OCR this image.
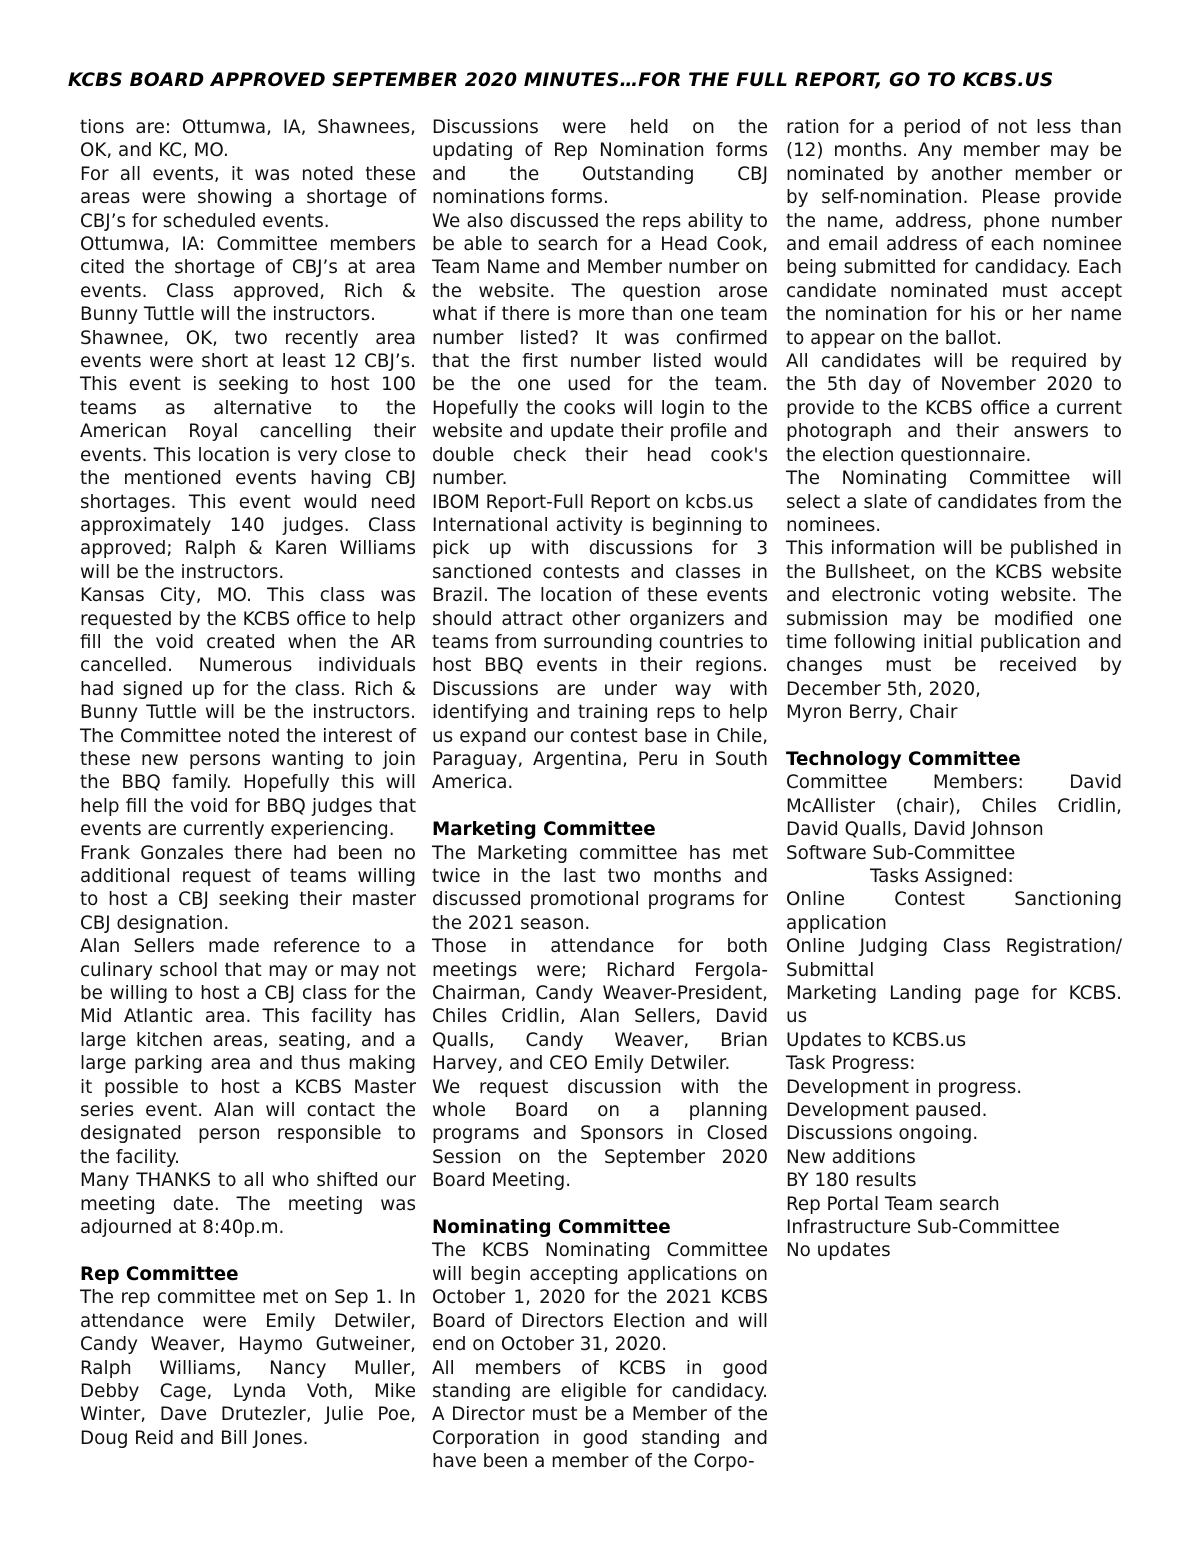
KCBS BOARD APPROVED SEPTEMBER 2020 MINUTES…FOR THE FULL REPORT, GO TO KCBS.US

tions are: Ottumwa, IA, Shawnees, OK, and KC, MO.

For all events, it was noted these areas were showing a shortage of CBJ’s for scheduled events.

Ottumwa, IA: Committee members cited the shortage of CBJ’s at area events. Class approved, Rich & Bunny Tuttle will the instructors.

Shawnee, OK, two recently area events were short at least 12 CBJ’s. This event is seeking to host 100 teams as alternative to the American Royal cancelling their events. This location is very close to the mentioned events having CBJ shortages. This event would need approximately 140 judges. Class approved; Ralph & Karen Williams will be the instructors.

Kansas City, MO. This class was requested by the KCBS office to help fill the void created when the AR cancelled. Numerous individuals had signed up for the class. Rich & Bunny Tuttle will be the instructors. The Committee noted the interest of these new persons wanting to join the BBQ family. Hopefully this will help fill the void for BBQ judges that events are currently experiencing.

Frank Gonzales there had been no additional request of teams willing to host a CBJ seeking their master CBJ designation.

Alan Sellers made reference to a culinary school that may or may not be willing to host a CBJ class for the Mid Atlantic area. This facility has large kitchen areas, seating, and a large parking area and thus making it possible to host a KCBS Master series event. Alan will contact the designated person responsible to the facility.

Many THANKS to all who shifted our meeting date. The meeting was adjourned at 8:40p.m.

Rep Committee

The rep committee met on Sep 1. In attendance were Emily Detwiler, Candy Weaver, Haymo Gutweiner, Ralph Williams, Nancy Muller, Debby Cage, Lynda Voth, Mike Winter, Dave Drutezler, Julie Poe, Doug Reid and Bill Jones.

Discussions were held on the updating of Rep Nomination forms and the Outstanding CBJ nominations forms.

We also discussed the reps ability to be able to search for a Head Cook, Team Name and Member number on the website. The question arose what if there is more than one team number listed? It was confirmed that the first number listed would be the one used for the team. Hopefully the cooks will login to the website and update their profile and double check their head cook's number.

IBOM Report-Full Report on kcbs.us

International activity is beginning to pick up with discussions for 3 sanctioned contests and classes in Brazil. The location of these events should attract other organizers and teams from surrounding countries to host BBQ events in their regions. Discussions are under way with identifying and training reps to help us expand our contest base in Chile, Paraguay, Argentina, Peru in South America.

Marketing Committee

The Marketing committee has met twice in the last two months and discussed promotional programs for the 2021 season.

Those in attendance for both meetings were; Richard Fergola-Chairman, Candy Weaver-President, Chiles Cridlin, Alan Sellers, David Qualls, Candy Weaver, Brian Harvey, and CEO Emily Detwiler.

We request discussion with the whole Board on a planning programs and Sponsors in Closed Session on the September 2020 Board Meeting.

Nominating Committee

The KCBS Nominating Committee will begin accepting applications on October 1, 2020 for the 2021 KCBS Board of Directors Election and will end on October 31, 2020.

All members of KCBS in good standing are eligible for candidacy. A Director must be a Member of the Corporation in good standing and have been a member of the Corpo-

ration for a period of not less than (12) months. Any member may be nominated by another member or by self-nomination. Please provide the name, address, phone number and email address of each nominee being submitted for candidacy. Each candidate nominated must accept the nomination for his or her name to appear on the ballot.

All candidates will be required by the 5th day of November 2020 to provide to the KCBS office a current photograph and their answers to the election questionnaire.

The Nominating Committee will select a slate of candidates from the nominees.

This information will be published in the Bullsheet, on the KCBS website and electronic voting website. The submission may be modified one time following initial publication and changes must be received by December 5th, 2020,

Myron Berry, Chair

Technology Committee

Committee Members: David McAllister (chair), Chiles Cridlin, David Qualls, David Johnson

Software Sub-Committee

Tasks Assigned:

Online Contest Sanctioning application

Online Judging Class Registration/ Submittal

Marketing Landing page for KCBS. us

Updates to KCBS.us

Task Progress:

Development in progress.

Development paused.

Discussions ongoing.

New additions

BY 180 results

Rep Portal Team search

Infrastructure Sub-Committee

No updates
